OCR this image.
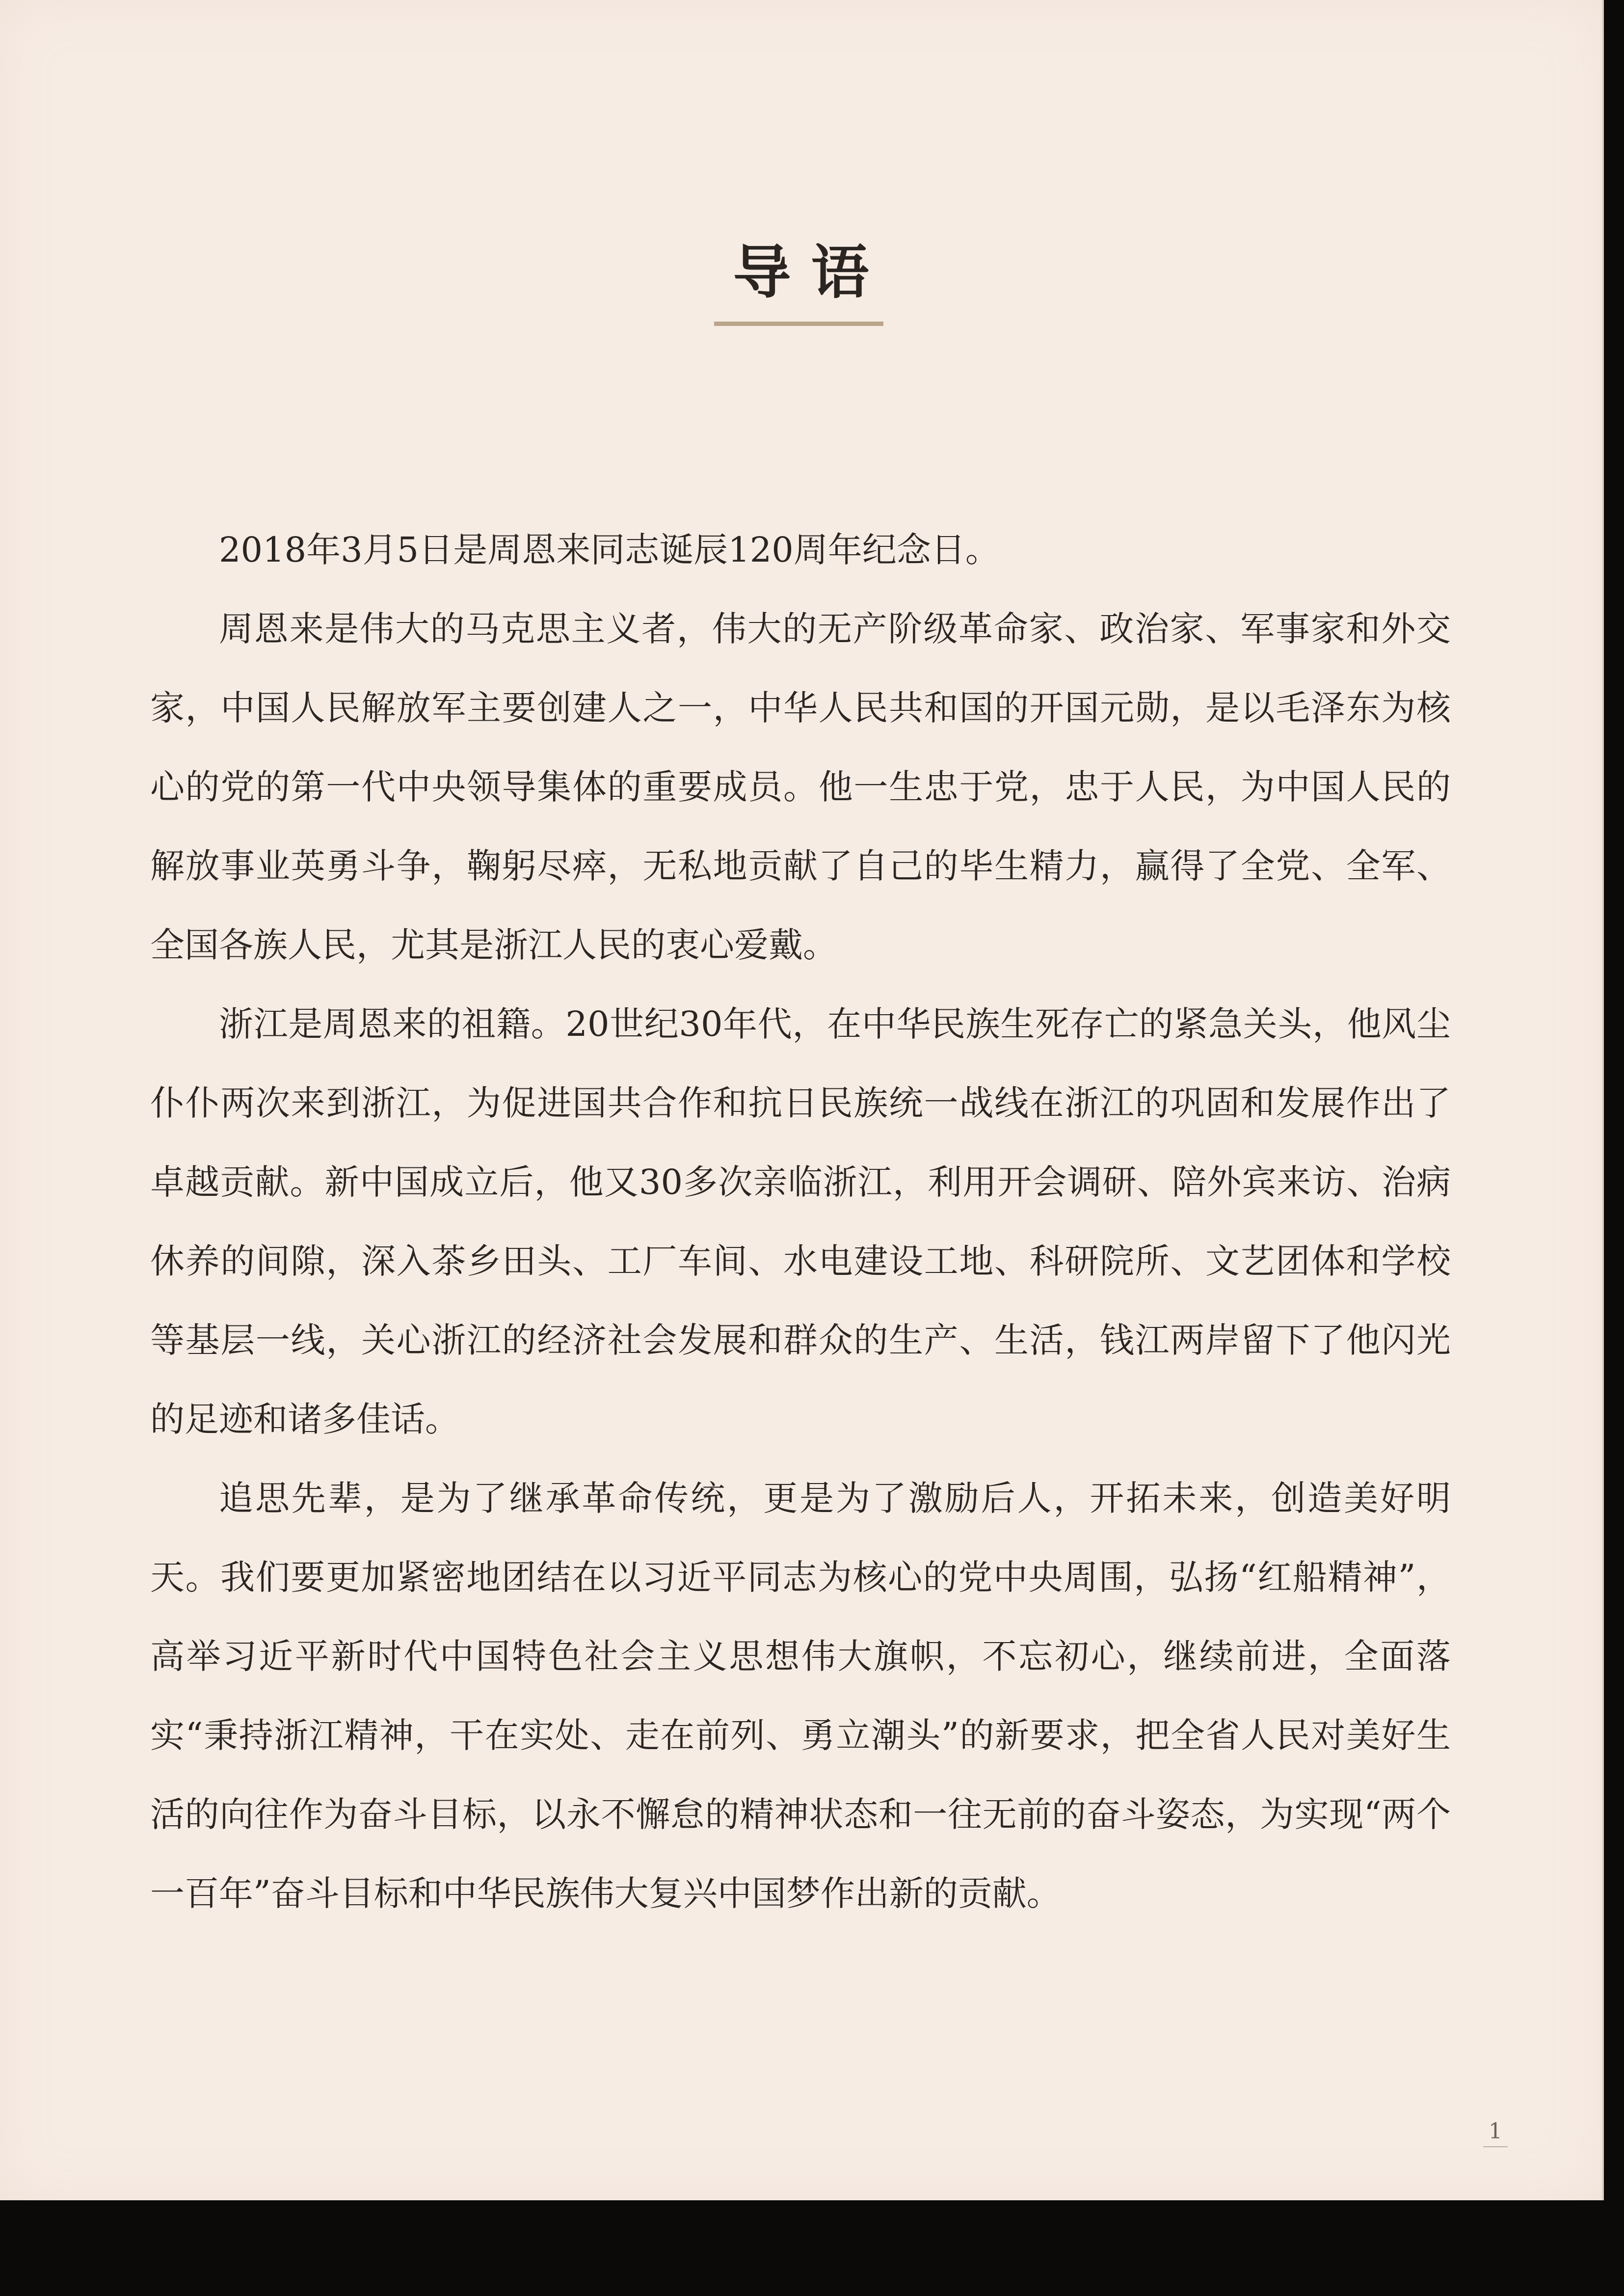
导 语

2018年3月5日是周恩来同志诞辰120周年纪念日。

周恩来是伟大的马克思主义者，伟大的无产阶级革命家、政治家、军事家和外交家，中国人民解放军主要创建人之一，中华人民共和国的开国元勋，是以毛泽东为核心的党的第一代中央领导集体的重要成员。他一生忠于党，忠于人民，为中国人民的解放事业英勇斗争，鞠躬尽瘁，无私地贡献了自己的毕生精力，赢得了全党、全军、全国各族人民，尤其是浙江人民的衷心爱戴。

浙江是周恩来的祖籍。20世纪30年代，在中华民族生死存亡的紧急关头，他风尘仆仆两次来到浙江，为促进国共合作和抗日民族统一战线在浙江的巩固和发展作出了卓越贡献。新中国成立后，他又30多次亲临浙江，利用开会调研、陪外宾来访、治病休养的间隙，深入茶乡田头、工厂车间、水电建设工地、科研院所、文艺团体和学校等基层一线，关心浙江的经济社会发展和群众的生产、生活，钱江两岸留下了他闪光的足迹和诸多佳话。

追思先辈，是为了继承革命传统，更是为了激励后人，开拓未来，创造美好明天。我们要更加紧密地团结在以习近平同志为核心的党中央周围，弘扬“红船精神”，高举习近平新时代中国特色社会主义思想伟大旗帜，不忘初心，继续前进，全面落实“秉持浙江精神，干在实处、走在前列、勇立潮头”的新要求，把全省人民对美好生活的向往作为奋斗目标，以永不懈怠的精神状态和一往无前的奋斗姿态，为实现“两个一百年”奋斗目标和中华民族伟大复兴中国梦作出新的贡献。

1
